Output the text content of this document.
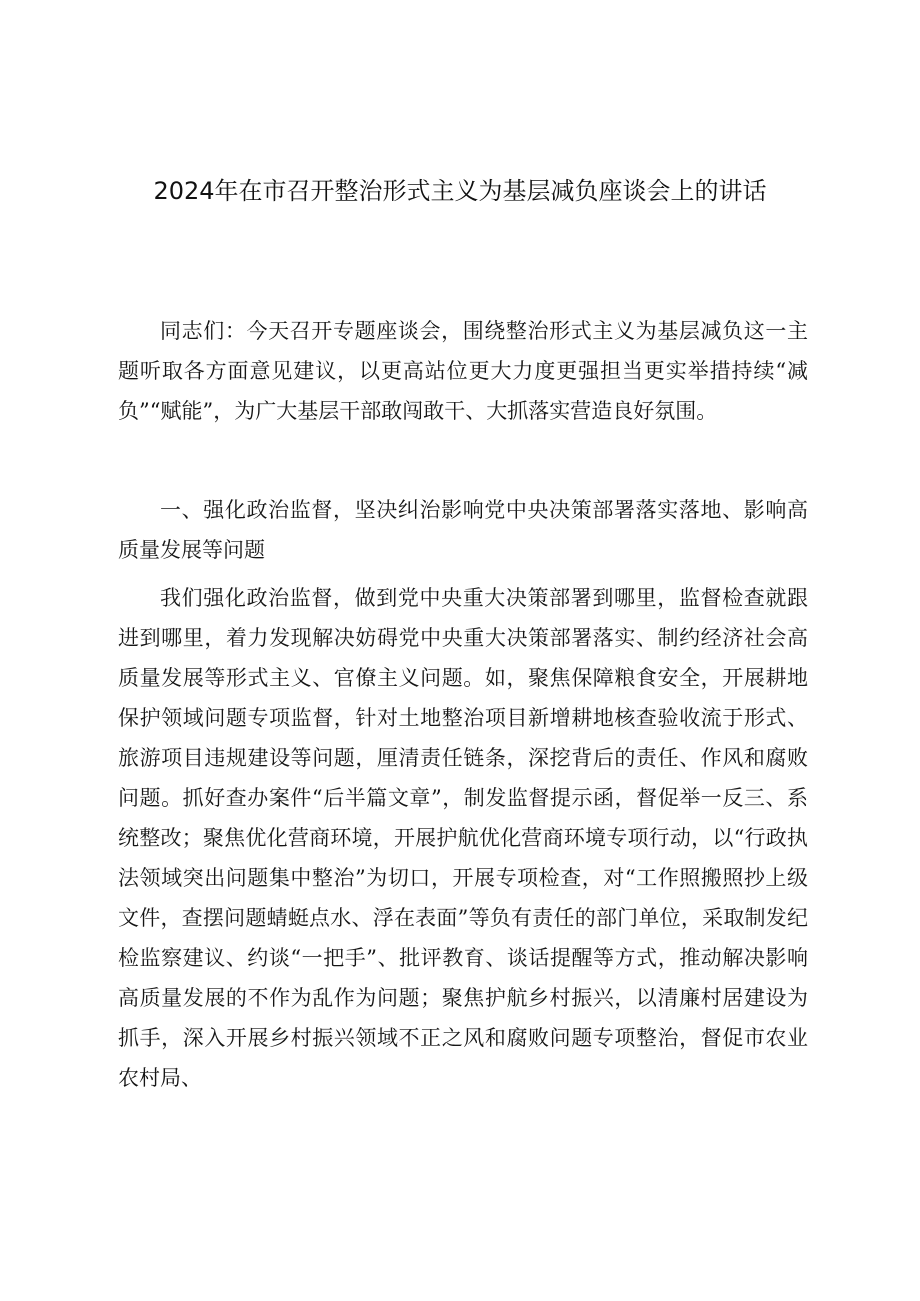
2024年在市召开整治形式主义为基层减负座谈会上的讲话

同志们：今天召开专题座谈会，围绕整治形式主义为基层减负这一主题听取各方面意见建议，以更高站位更大力度更强担当更实举措持续“减负”“赋能”，为广大基层干部敢闯敢干、大抓落实营造良好氛围。

一、强化政治监督，坚决纠治影响党中央决策部署落实落地、影响高质量发展等问题

我们强化政治监督，做到党中央重大决策部署到哪里，监督检查就跟进到哪里，着力发现解决妨碍党中央重大决策部署落实、制约经济社会高质量发展等形式主义、官僚主义问题。如，聚焦保障粮食安全，开展耕地保护领域问题专项监督，针对土地整治项目新增耕地核查验收流于形式、旅游项目违规建设等问题，厘清责任链条，深挖背后的责任、作风和腐败问题。抓好查办案件“后半篇文章”，制发监督提示函，督促举一反三、系统整改；聚焦优化营商环境，开展护航优化营商环境专项行动，以“行政执法领域突出问题集中整治”为切口，开展专项检查，对“工作照搬照抄上级文件，查摆问题蜻蜓点水、浮在表面”等负有责任的部门单位，采取制发纪检监察建议、约谈“一把手”、批评教育、谈话提醒等方式，推动解决影响高质量发展的不作为乱作为问题；聚焦护航乡村振兴，以清廉村居建设为抓手，深入开展乡村振兴领域不正之风和腐败问题专项整治，督促市农业农村局、
